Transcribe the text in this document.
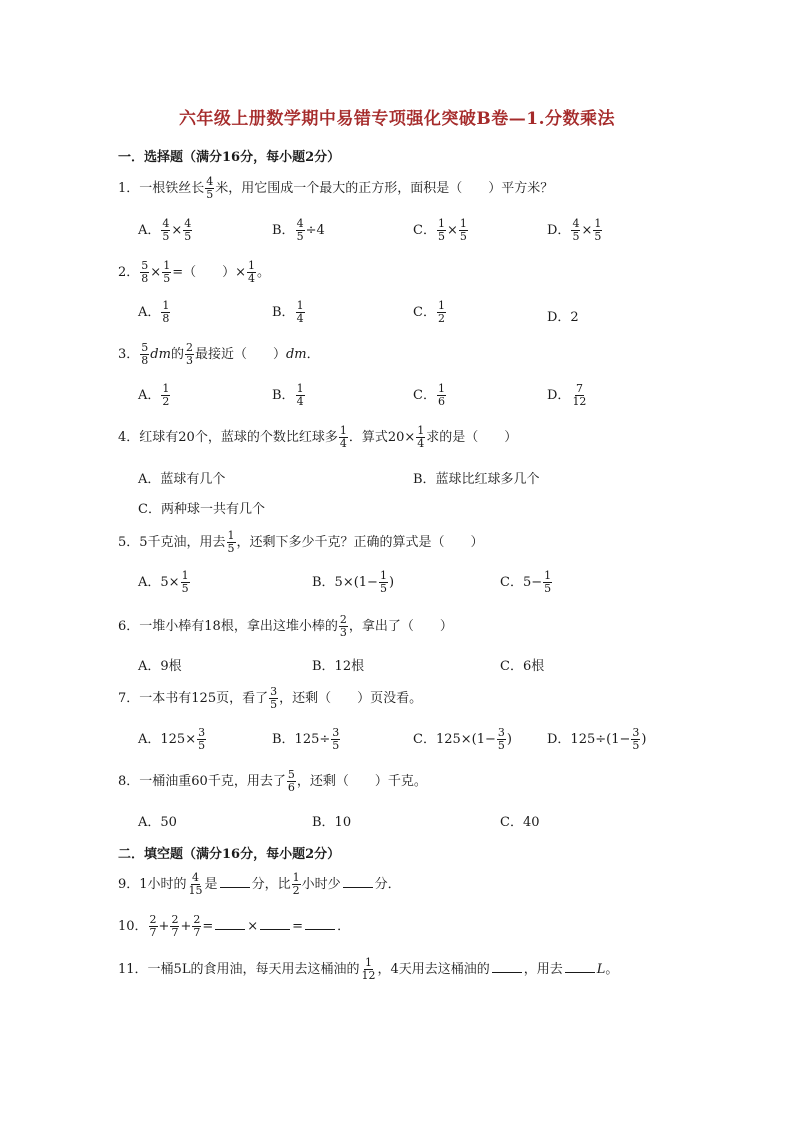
六年级上册数学期中易错专项强化突破B卷—1.分数乘法
一．选择题（满分16分，每小题2分）
1．一根铁丝长 $\frac{4}{5}$ 米，用它围成一个最大的正方形，面积是（　　）平方米？
A． $\frac{4}{5} \times \frac{4}{5}$	B． $\frac{4}{5} \div 4$	C． $\frac{1}{5} \times \frac{1}{5}$	D． $\frac{4}{5} \times \frac{1}{5}$
2． $\frac{5}{8} \times \frac{1}{5}$ =（　　）× $\frac{1}{4}$ 。
A． $\frac{1}{8}$	B． $\frac{1}{4}$	C． $\frac{1}{2}$	D．2
3． $\frac{5}{8}$ dm的 $\frac{2}{3}$ 最接近（　　）dm．
A． $\frac{1}{2}$	B． $\frac{1}{4}$	C． $\frac{1}{6}$	D． $\frac{7}{12}$
4．红球有20个，蓝球的个数比红球多 $\frac{1}{4}$ ．算式$20\times \frac{1}{4}$ 求的是（　　）
A．蓝球有几个	B．蓝球比红球多几个
C．两种球一共有几个
5．5千克油，用去 $\frac{1}{5}$ ，还剩下多少千克？正确的算式是（　　）
A．$5\times \frac{1}{5}$	B．$5\times(1- \frac{1}{5}$ )	C．$5- \frac{1}{5}$
6．一堆小棒有18根，拿出这堆小棒的 $\frac{2}{3}$ ，拿出了（　　）
A．9根	B．12根	C．6根
7．一本书有125页，看了 $\frac{3}{5}$ ，还剩（　　）页没看。
A．$125\times \frac{3}{5}$	B．$125\div \frac{3}{5}$	C．$125\times(1- \frac{3}{5}$ )	D．$125\div(1- \frac{3}{5}$ )
8．一桶油重60千克，用去了 $\frac{5}{6}$ ，还剩（　　）千克。
A．50	B．10	C．40
二．填空题（满分16分，每小题2分）
9．1小时的 $\frac{4}{15}$ 是	分，比 $\frac{1}{2}$ 小时少	分．
10． $\frac{2}{7} + \frac{2}{7} + \frac{2}{7}$ =	×	=	．
11．一桶5L的食用油，每天用去这桶油的 $\frac{1}{12}$ ，4天用去这桶油的	，用去	L。
